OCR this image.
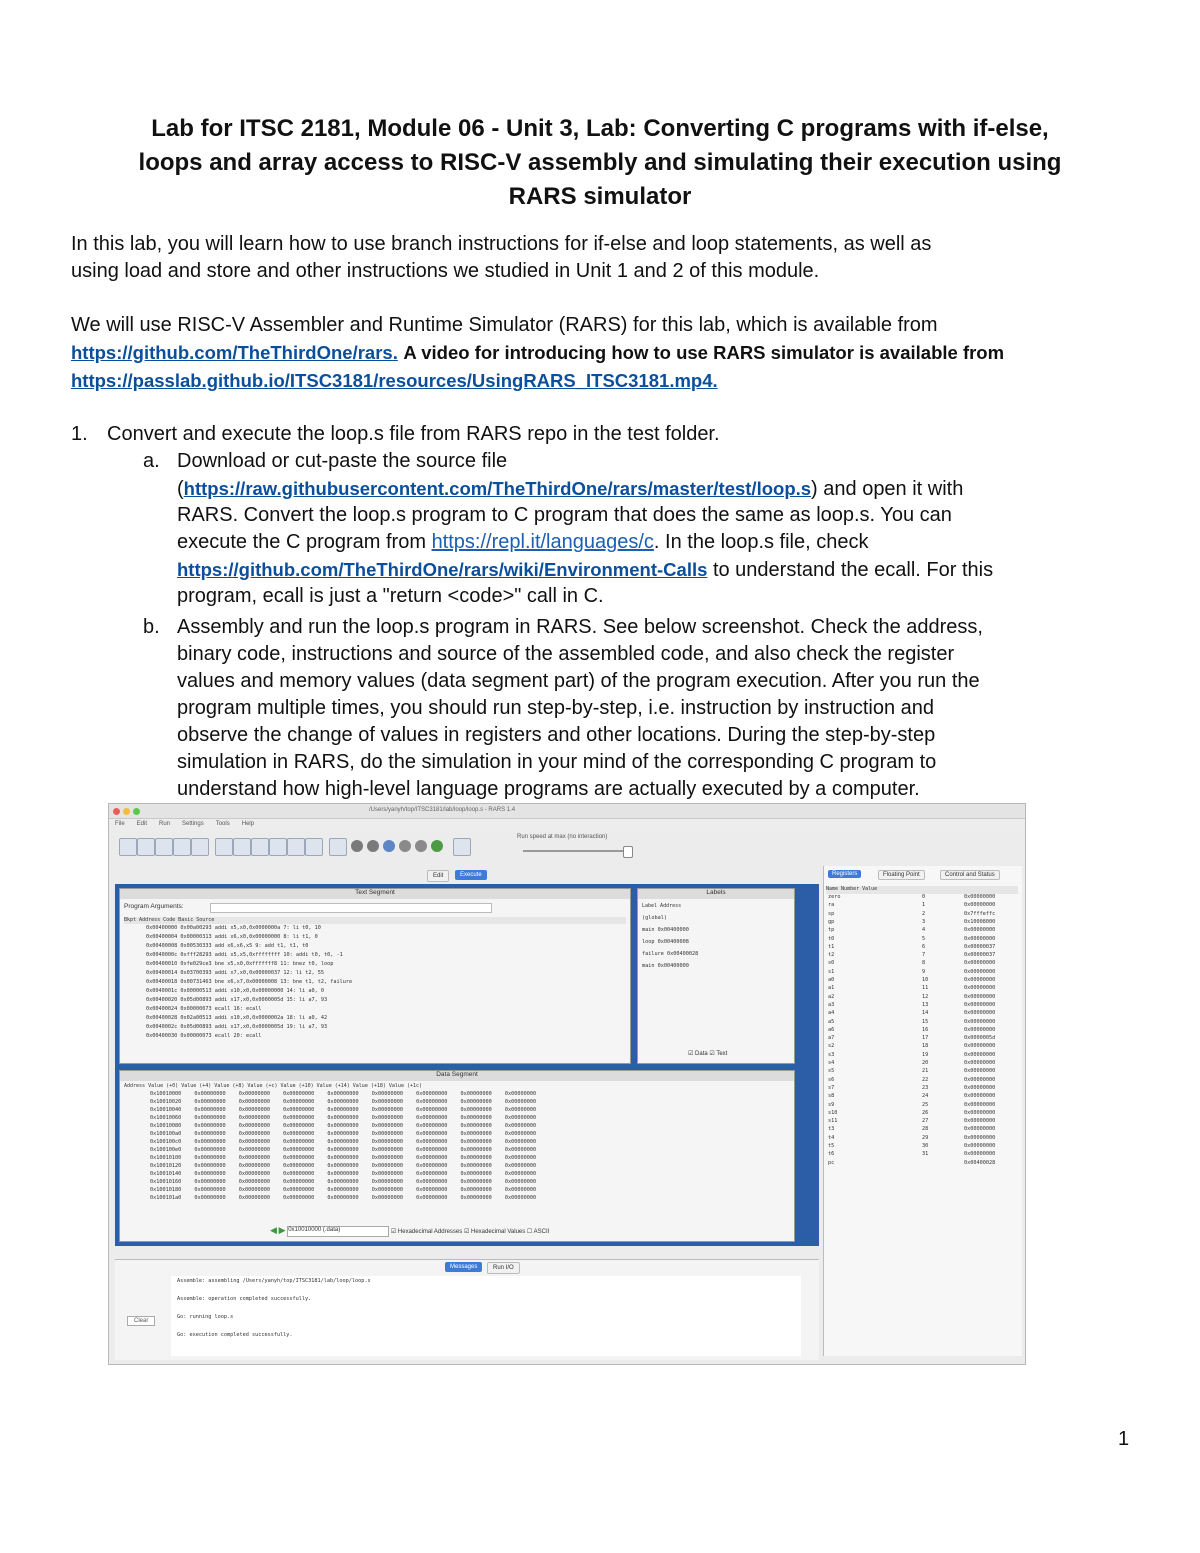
Lab for ITSC 2181, Module 06 - Unit 3, Lab: Converting C programs with if-else,
loops and array access to RISC-V assembly and simulating their execution using
RARS simulator
In this lab, you will learn how to use branch instructions for if-else and loop statements, as well as
using load and store and other instructions we studied in Unit 1 and 2 of this module.
We will use RISC-V Assembler and Runtime Simulator (RARS) for this lab, which is available from
https://github.com/TheThirdOne/rars. A video for introducing how to use RARS simulator is available from
https://passlab.github.io/ITSC3181/resources/UsingRARS_ITSC3181.mp4.
1. Convert and execute the loop.s file from RARS repo in the test folder.
a. Download or cut-paste the source file
(https://raw.githubusercontent.com/TheThirdOne/rars/master/test/loop.s) and open it with
RARS. Convert the loop.s program to C program that does the same as loop.s. You can
execute the C program from https://repl.it/languages/c. In the loop.s file, check
https://github.com/TheThirdOne/rars/wiki/Environment-Calls to understand the ecall. For this
program, ecall is just a "return <code>" call in C.
b. Assembly and run the loop.s program in RARS. See below screenshot. Check the address,
binary code, instructions and source of the assembled code, and also check the register
values and memory values (data segment part) of the program execution. After you run the
program multiple times, you should run step-by-step, i.e. instruction by instruction and
observe the change of values in registers and other locations. During the step-by-step
simulation in RARS, do the simulation in your mind of the corresponding C program to
understand how high-level language programs are actually executed by a computer.
/Users/yanyh/top/ITSC3181/lab/loop/loop.s - RARS 1.4
File Edit Run Settings Tools Help
Run speed at max (no interaction)
Edit	Execute
Text Segment
Program Arguments:
Bkpt Address Code Basic Source
0x00400000 0x00a00293 addi x5,x0,0x0000000a 7: li t0, 10
0x00400004 0x00000313 addi x6,x0,0x00000000 8: li t1, 0
0x00400008 0x00530333 add x6,x6,x5 9: add t1, t1, t0
0x0040000c 0xfff28293 addi x5,x5,0xffffffff 10: addi t0, t0, -1
0x00400010 0xfe029ce3 bne x5,x0,0xfffffff8 11: bnez t0, loop
0x00400014 0x03700393 addi x7,x0,0x00000037 12: li t2, 55
0x00400018 0x00731463 bne x6,x7,0x00000008 13: bne t1, t2, failure
0x0040001c 0x00000513 addi x10,x0,0x00000000 14: li a0, 0
0x00400020 0x05d00893 addi x17,x0,0x0000005d 15: li a7, 93
0x00400024 0x00000073 ecall 16: ecall
0x00400028 0x02a00513 addi x10,x0,0x0000002a 18: li a0, 42
0x0040002c 0x05d00893 addi x17,x0,0x0000005d 19: li a7, 93
0x00400030 0x00000073 ecall 20: ecall
Labels
Label Address
(global)
main 0x00400000
loop 0x00400008
failure 0x00400028
main 0x00400000
☑ Data ☑ Text
Data Segment
Address Value (+0) Value (+4) Value (+8) Value (+c) Value (+10) Value (+14) Value (+18) Value (+1c)
0x10010000 0x00000000 0x00000000 0x00000000 0x00000000 0x00000000 0x00000000 0x00000000 0x00000000
0x10010020 0x00000000 0x00000000 0x00000000 0x00000000 0x00000000 0x00000000 0x00000000 0x00000000
0x10010040 0x00000000 0x00000000 0x00000000 0x00000000 0x00000000 0x00000000 0x00000000 0x00000000
0x10010060 0x00000000 0x00000000 0x00000000 0x00000000 0x00000000 0x00000000 0x00000000 0x00000000
0x10010080 0x00000000 0x00000000 0x00000000 0x00000000 0x00000000 0x00000000 0x00000000 0x00000000
0x100100a0 0x00000000 0x00000000 0x00000000 0x00000000 0x00000000 0x00000000 0x00000000 0x00000000
0x100100c0 0x00000000 0x00000000 0x00000000 0x00000000 0x00000000 0x00000000 0x00000000 0x00000000
0x100100e0 0x00000000 0x00000000 0x00000000 0x00000000 0x00000000 0x00000000 0x00000000 0x00000000
0x10010100 0x00000000 0x00000000 0x00000000 0x00000000 0x00000000 0x00000000 0x00000000 0x00000000
0x10010120 0x00000000 0x00000000 0x00000000 0x00000000 0x00000000 0x00000000 0x00000000 0x00000000
0x10010140 0x00000000 0x00000000 0x00000000 0x00000000 0x00000000 0x00000000 0x00000000 0x00000000
0x10010160 0x00000000 0x00000000 0x00000000 0x00000000 0x00000000 0x00000000 0x00000000 0x00000000
0x10010180 0x00000000 0x00000000 0x00000000 0x00000000 0x00000000 0x00000000 0x00000000 0x00000000
0x100101a0 0x00000000 0x00000000 0x00000000 0x00000000 0x00000000 0x00000000 0x00000000 0x00000000
◀ ▶ 0x10010000 (.data)	☑ Hexadecimal Addresses ☑ Hexadecimal Values ☐ ASCII
Messages	Run I/O
Clear
Assemble: assembling /Users/yanyh/top/ITSC3181/lab/loop/loop.s
Assemble: operation completed successfully.
Go: running loop.s
Go: execution completed successfully.
Registers	Floating Point	Control and Status
Name Number Value
zero	0	0x00000000
ra	1	0x00000000
sp	2	0x7fffeffc
gp	3	0x10008000
tp	4	0x00000000
t0	5	0x00000000
t1	6	0x00000037
t2	7	0x00000037
s0	8	0x00000000
s1	9	0x00000000
a0	10	0x00000000
a1	11	0x00000000
a2	12	0x00000000
a3	13	0x00000000
a4	14	0x00000000
a5	15	0x00000000
a6	16	0x00000000
a7	17	0x0000005d
s2	18	0x00000000
s3	19	0x00000000
s4	20	0x00000000
s5	21	0x00000000
s6	22	0x00000000
s7	23	0x00000000
s8	24	0x00000000
s9	25	0x00000000
s10	26	0x00000000
s11	27	0x00000000
t3	28	0x00000000
t4	29	0x00000000
t5	30	0x00000000
t6	31	0x00000000
pc	0x00400028
1
